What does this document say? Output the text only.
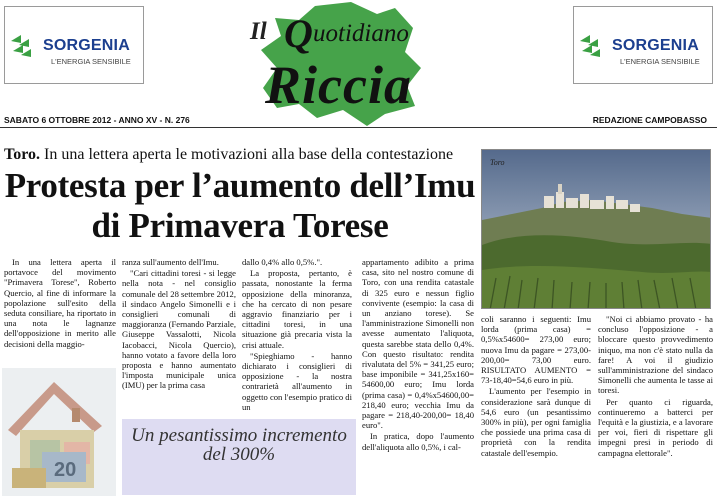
SORGENIA
L'ENERGIA SENSIBILE
SORGENIA
L'ENERGIA SENSIBILE
Il Q uotidiano
Riccia
SABATO 6 OTTOBRE 2012 - ANNO XV - N. 276	REDAZIONE CAMPOBASSO
Toro. In una lettera aperta le motivazioni alla base della contestazione
Protesta per l’aumento dell’Imu
di Primavera Torese
Toro

In una lettera aperta il portavoce del movimento "Primavera Torese", Roberto Quercio, al fine di informare la popolazione sull'esito della seduta consiliare, ha riportato in una nota le lagnanze dell'opposizione in merito alle decisioni della maggio-

ranza sull'aumento dell'Imu.

"Cari cittadini toresi - si legge nella nota - nel consiglio comunale del 28 settembre 2012, il sindaco Angelo Simonelli e i consiglieri comunali di maggioranza (Fernando Parziale, Giuseppe Vassalotti, Nicola Iacobacci, Nicola Quercio), hanno votato a favore della loro proposta e hanno aumentato l'imposta municipale unica (IMU) per la prima casa

dallo 0,4% allo 0,5%.".

La proposta, pertanto, è passata, nonostante la ferma opposizione della minoranza, che ha cercato di non pesare aggravio finanziario per i cittadini toresi, in una situazione già precaria vista la crisi attuale.

"Spieghiamo - hanno dichiarato i consiglieri di opposizione - la nostra contrarietà all'aumento in oggetto con l'esempio pratico di un

appartamento adibito a prima casa, sito nel nostro comune di Toro, con una rendita catastale di 325 euro e nessun figlio convivente (esempio: la casa di un anziano torese). Se l'amministrazione Simonelli non avesse aumentato l'aliquota, questa sarebbe stata dello 0,4%. Con questo risultato: rendita rivalutata del 5% = 341,25 euro; base imponibile = 341,25x160= 54600,00 euro; Imu lorda (prima casa) = 0,4%x54600,00= 218,40 euro; vecchia Imu da pagare = 218,40-200,00= 18,40 euro".

In pratica, dopo l'aumento dell'aliquota allo 0,5%, i cal-

coli saranno i seguenti: Imu lorda (prima casa) = 0,5%x54600= 273,00 euro; nuova Imu da pagare = 273,00-200,00= 73,00 euro. RISULTATO AUMENTO = 73-18,40=54,6 euro in più.

L'aumento per l'esempio in considerazione sarà dunque di 54,6 euro (un pesantissimo 300% in più), per ogni famiglia che possiede una prima casa di proprietà con la rendita catastale dell'esempio.

"Noi ci abbiamo provato - ha concluso l'opposizione - a bloccare questo provvedimento iniquo, ma non c'è stato nulla da fare! A voi il giudizio sull'amministrazione del sindaco Simonelli che aumenta le tasse ai toresi.

Per quanto ci riguarda, continueremo a batterci per l'equità e la giustizia, e a lavorare per voi, fieri di rispettare gli impegni presi in periodo di campagna elettorale".

20
Un pesantissimo incremento del 300%
